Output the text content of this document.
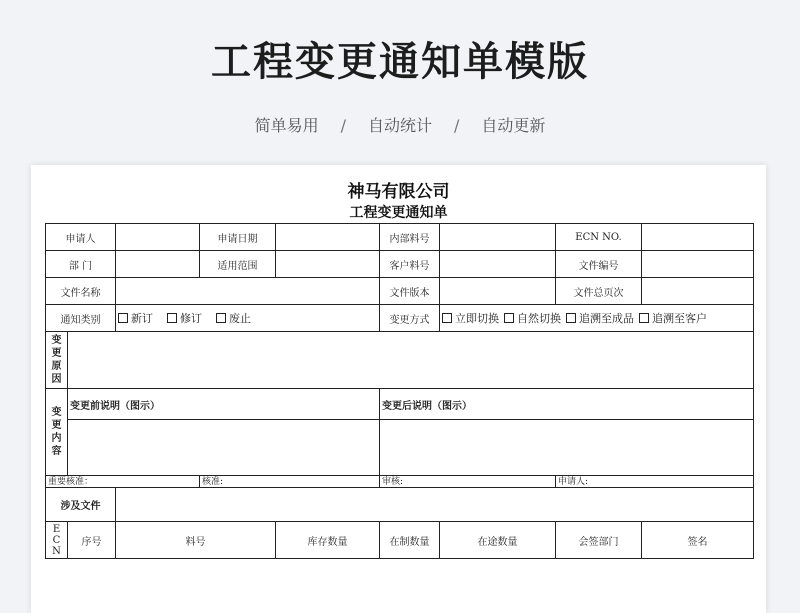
工程变更通知单模版
简单易用 / 自动统计 / 自动更新
神马有限公司
工程变更通知单
申请人			申请日期		内部料号		ECN NO.	
部 门			适用范围		客户料号		文件编号	
文件名称					文件版本		文件总页次	
通知类别		新订 修订 废止			变更方式	立即切换 自然切换 追溯至成品 追溯至客户		

变
更
原
因								

变
更
内
容	变更前说明（图示）				变更后说明（图示）			

重要核准：			核准:		审核:		申请人:	
涉及文件								

E
C
N	序号	料号		库存数量	在制数量	在途数量	会签部门	签名
